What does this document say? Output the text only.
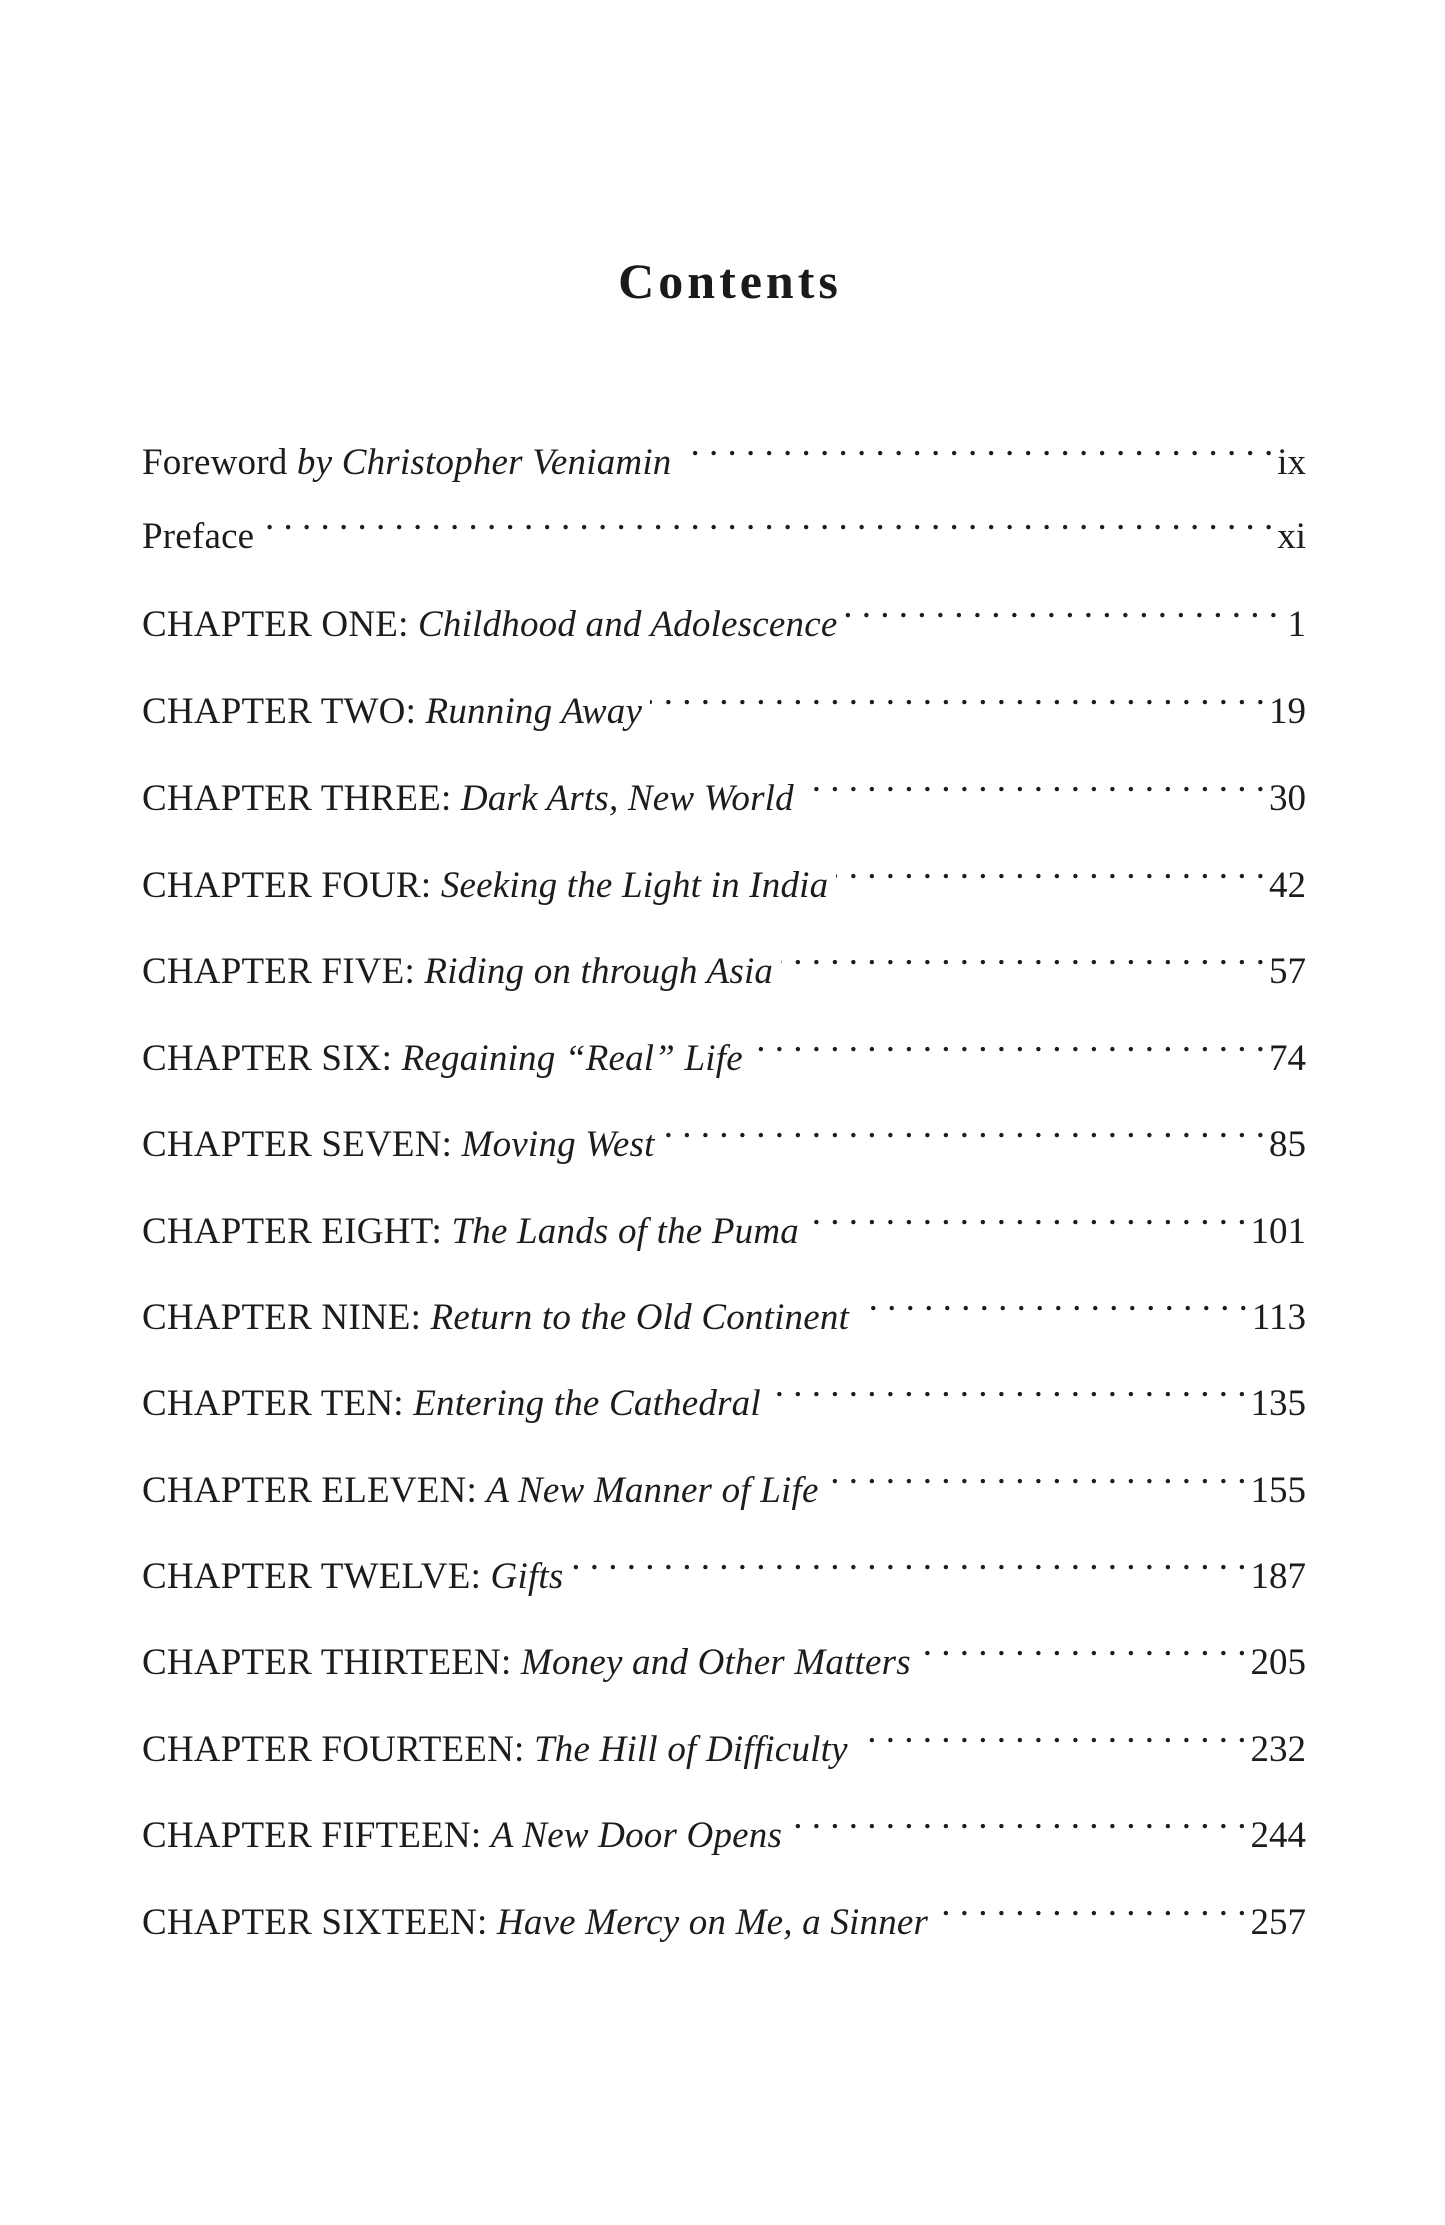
Contents
Foreword by Christopher Veniamin . . .	ix
Preface . . .	xi
CHAPTER ONE: Childhood and Adolescence . . .	1
CHAPTER TWO: Running Away . . .	19
CHAPTER THREE: Dark Arts, New World . . .	30
CHAPTER FOUR: Seeking the Light in India . . .	42
CHAPTER FIVE: Riding on through Asia . . .	57
CHAPTER SIX: Regaining “Real” Life . . .	74
CHAPTER SEVEN: Moving West . . .	85
CHAPTER EIGHT: The Lands of the Puma . . .	101
CHAPTER NINE: Return to the Old Continent . . .	113
CHAPTER TEN: Entering the Cathedral . . .	135
CHAPTER ELEVEN: A New Manner of Life . . .	155
CHAPTER TWELVE: Gifts . . .	187
CHAPTER THIRTEEN: Money and Other Matters . . .	205
CHAPTER FOURTEEN: The Hill of Difficulty . . .	232
CHAPTER FIFTEEN: A New Door Opens . . .	244
CHAPTER SIXTEEN: Have Mercy on Me, a Sinner . . .	257
